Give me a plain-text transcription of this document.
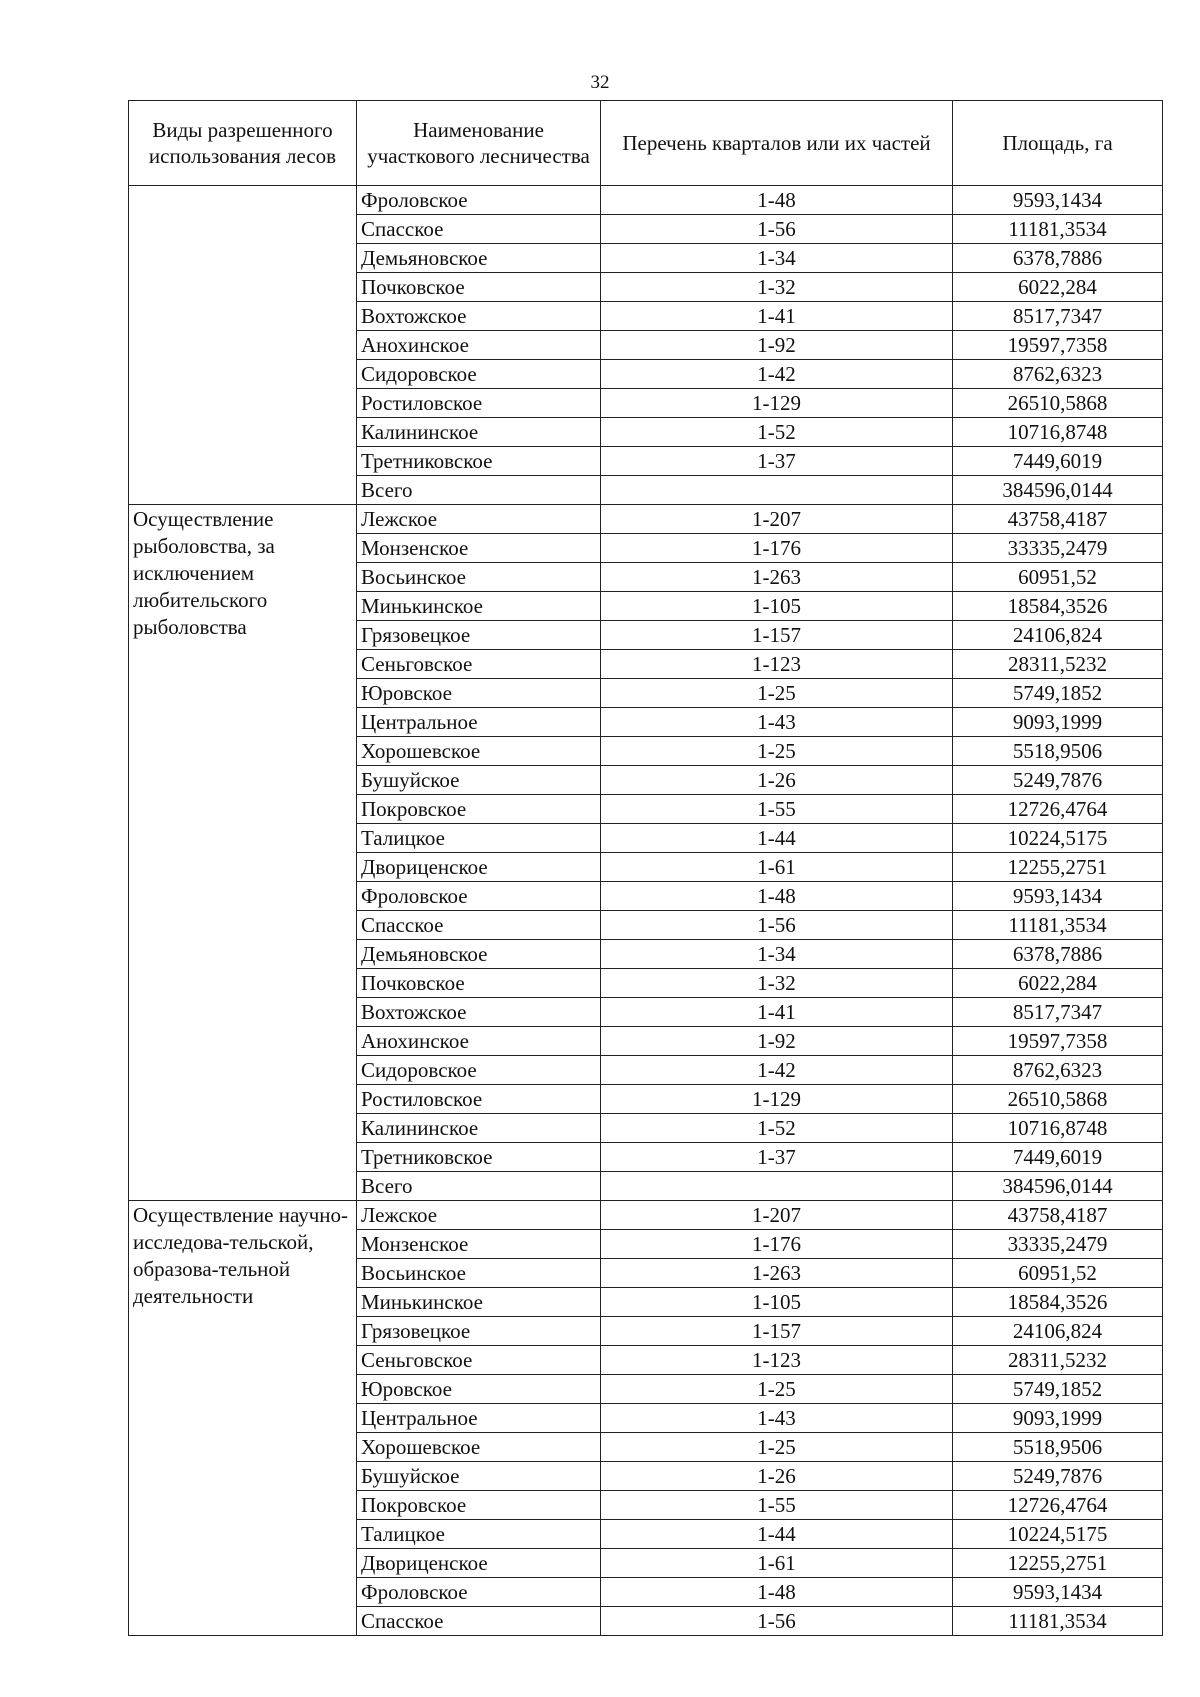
32
Виды разрешенного использования лесов	Наименование участкового лесничества	Перечень кварталов или их частей	Площадь, га
	Фроловское	1-48	9593,1434
	Спасское	1-56	11181,3534
	Демьяновское	1-34	6378,7886
	Почковское	1-32	6022,284
	Вохтожское	1-41	8517,7347
	Анохинское	1-92	19597,7358
	Сидоровское	1-42	8762,6323
	Ростиловское	1-129	26510,5868
	Калининское	1-52	10716,8748
	Третниковское	1-37	7449,6019
	Всего		384596,0144
Осуществление рыболовства, за исключением любительского рыболовства	Лежское	1-207	43758,4187
	Монзенское	1-176	33335,2479
	Восьинское	1-263	60951,52
	Минькинское	1-105	18584,3526
	Грязовецкое	1-157	24106,824
	Сеньговское	1-123	28311,5232
	Юровское	1-25	5749,1852
	Центральное	1-43	9093,1999
	Хорошевское	1-25	5518,9506
	Бушуйское	1-26	5249,7876
	Покровское	1-55	12726,4764
	Талицкое	1-44	10224,5175
	Двориценское	1-61	12255,2751
	Фроловское	1-48	9593,1434
	Спасское	1-56	11181,3534
	Демьяновское	1-34	6378,7886
	Почковское	1-32	6022,284
	Вохтожское	1-41	8517,7347
	Анохинское	1-92	19597,7358
	Сидоровское	1-42	8762,6323
	Ростиловское	1-129	26510,5868
	Калининское	1-52	10716,8748
	Третниковское	1-37	7449,6019
	Всего		384596,0144
Осуществление научно-исследова-тельской, образова-тельной деятельности	Лежское	1-207	43758,4187
	Монзенское	1-176	33335,2479
	Восьинское	1-263	60951,52
	Минькинское	1-105	18584,3526
	Грязовецкое	1-157	24106,824
	Сеньговское	1-123	28311,5232
	Юровское	1-25	5749,1852
	Центральное	1-43	9093,1999
	Хорошевское	1-25	5518,9506
	Бушуйское	1-26	5249,7876
	Покровское	1-55	12726,4764
	Талицкое	1-44	10224,5175
	Двориценское	1-61	12255,2751
	Фроловское	1-48	9593,1434
	Спасское	1-56	11181,3534
